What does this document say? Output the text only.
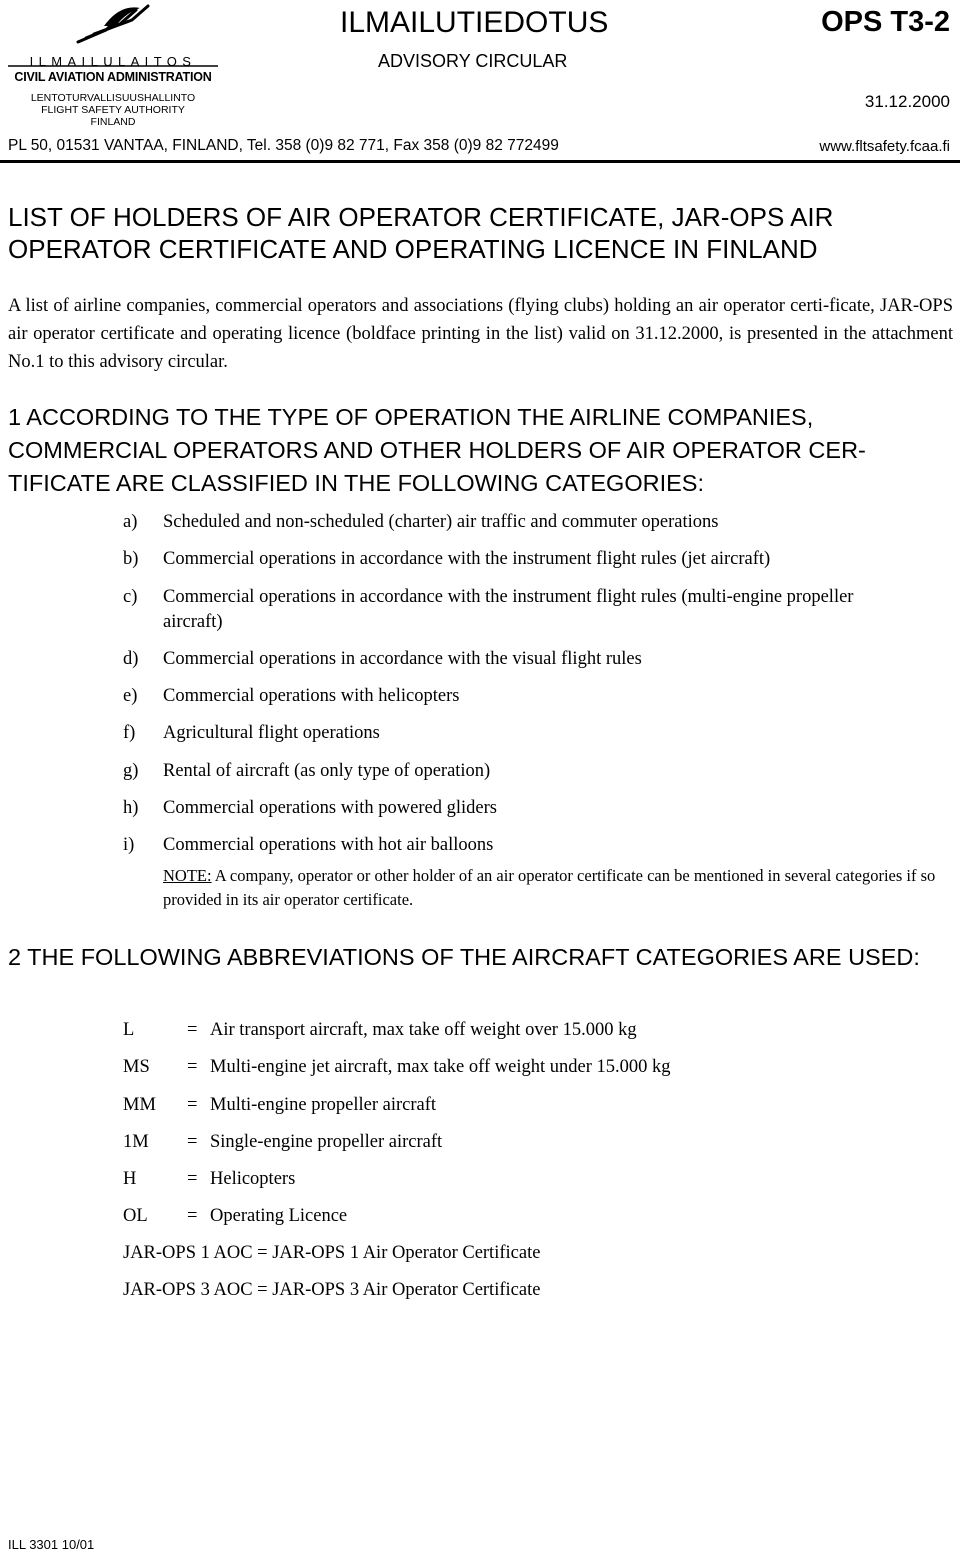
ILMAILULAITOS
CIVIL AVIATION ADMINISTRATION
LENTOTURVALLISUUSHALLINTO
FLIGHT SAFETY AUTHORITY
FINLAND
ILMAILUTIEDOTUS
ADVISORY CIRCULAR
OPS T3-2
31.12.2000
PL 50, 01531 VANTAA, FINLAND, Tel. 358 (0)9 82 771, Fax 358 (0)9 82 772499	www.fltsafety.fcaa.fi
LIST OF HOLDERS OF AIR OPERATOR CERTIFICATE, JAR-OPS AIR OPERATOR CERTIFICATE AND OPERATING LICENCE IN FINLAND
A list of airline companies, commercial operators and associations (flying clubs) holding an air operator certi-ficate, JAR-OPS air operator certificate and operating licence (boldface printing in the list) valid on 31.12.2000, is presented in the attachment No.1 to this advisory circular.
1 ACCORDING TO THE TYPE OF OPERATION THE AIRLINE COMPANIES, COMMERCIAL OPERATORS AND OTHER HOLDERS OF AIR OPERATOR CER-TIFICATE ARE CLASSIFIED IN THE FOLLOWING CATEGORIES:
a) Scheduled and non-scheduled (charter) air traffic and commuter operations
b) Commercial operations in accordance with the instrument flight rules (jet aircraft)
c) Commercial operations in accordance with the instrument flight rules (multi-engine propeller aircraft)
d) Commercial operations in accordance with the visual flight rules
e) Commercial operations with helicopters
f) Agricultural flight operations
g) Rental of aircraft (as only type of operation)
h) Commercial operations with powered gliders
i) Commercial operations with hot air balloons
NOTE: A company, operator or other holder of an air operator certificate can be mentioned in several categories if so provided in its air operator certificate.
2 THE FOLLOWING ABBREVIATIONS OF THE AIRCRAFT CATEGORIES ARE USED:
L	= Air transport aircraft, max take off weight over 15.000 kg
MS = Multi-engine jet aircraft, max take off weight under 15.000 kg
MM = Multi-engine propeller aircraft
1M = Single-engine propeller aircraft
H	= Helicopters
OL = Operating Licence
JAR-OPS 1 AOC = JAR-OPS 1 Air Operator Certificate
JAR-OPS 3 AOC = JAR-OPS 3 Air Operator Certificate
ILL 3301 10/01
